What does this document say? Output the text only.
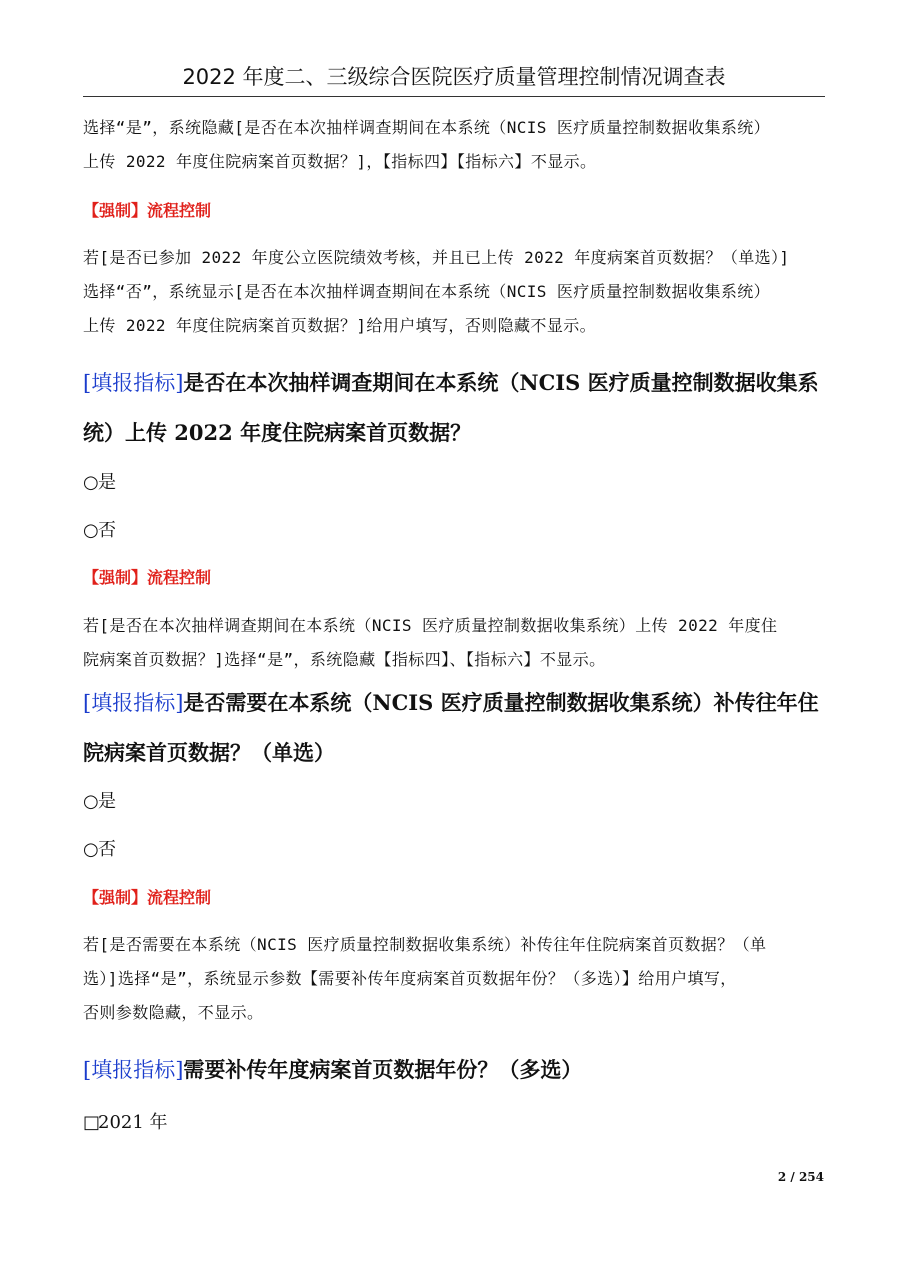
2022 年度二、三级综合医院医疗质量管理控制情况调查表

选择“是”，系统隐藏[是否在本次抽样调查期间在本系统（NCIS 医疗质量控制数据收集系统）

上传 2022 年度住院病案首页数据？]，【指标四】【指标六】不显示。

【强制】流程控制

若[是否已参加 2022 年度公立医院绩效考核，并且已上传 2022 年度病案首页数据？（单选）]

选择“否”，系统显示[是否在本次抽样调查期间在本系统（NCIS 医疗质量控制数据收集系统）

上传 2022 年度住院病案首页数据？]给用户填写，否则隐藏不显示。

[填报指标]是否在本次抽样调查期间在本系统（NCIS 医疗质量控制数据收集系
统）上传 2022 年度住院病案首页数据？
○是
○否
【强制】流程控制

若[是否在本次抽样调查期间在本系统（NCIS 医疗质量控制数据收集系统）上传 2022 年度住

院病案首页数据？]选择“是”，系统隐藏【指标四】、【指标六】不显示。

[填报指标]是否需要在本系统（NCIS 医疗质量控制数据收集系统）补传往年住
院病案首页数据？（单选）
○是
○否
【强制】流程控制

若[是否需要在本系统（NCIS 医疗质量控制数据收集系统）补传往年住院病案首页数据？（单

选）]选择“是”，系统显示参数【需要补传年度病案首页数据年份？（多选）】给用户填写，

否则参数隐藏，不显示。

[填报指标]需要补传年度病案首页数据年份？（多选）
□2021 年
2 / 254
